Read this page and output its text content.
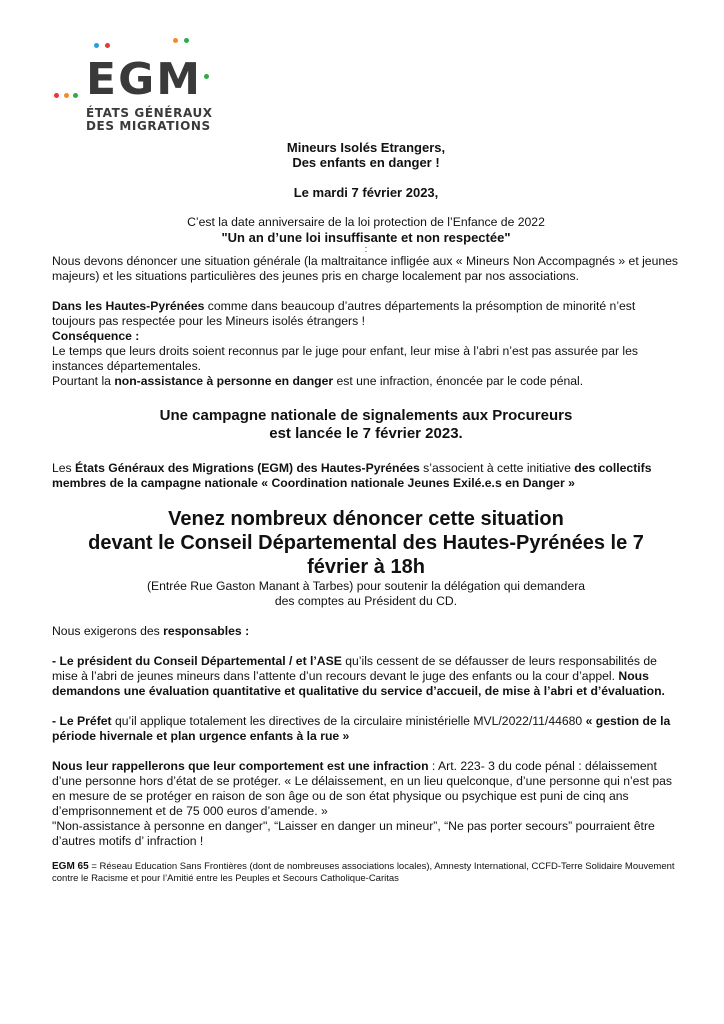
E G M
ÉTATS GÉNÉRAUX
DES MIGRATIONS
Mineurs Isolés Etrangers,
Des enfants en danger !
Le mardi 7 février 2023,
C’est la date anniversaire de la loi protection de l’Enfance de 2022
"Un an d’une loi insuffisante et non respectée"
:

Nous devons dénoncer une situation générale (la maltraitance infligée aux « Mineurs Non Accompagnés » et jeunes majeurs) et les situations particulières des jeunes pris en charge localement par nos associations.

Dans les Hautes-Pyrénées comme dans beaucoup d’autres départements la présomption de minorité n’est toujours pas respectée pour les Mineurs isolés étrangers !

Conséquence :

Le temps que leurs droits soient reconnus par le juge pour enfant, leur mise à l’abri n’est pas assurée par les instances départementales.

Pourtant la non-assistance à personne en danger est une infraction, énoncée par le code pénal.

Une campagne nationale de signalements aux Procureurs
est lancée le 7 février 2023.

Les États Généraux des Migrations (EGM) des Hautes-Pyrénées s’associent à cette initiative des collectifs membres de la campagne nationale « Coordination nationale Jeunes Exilé.e.s en Danger »

Venez nombreux dénoncer cette situation
devant le Conseil Départemental des Hautes-Pyrénées le 7
février à 18h
(Entrée Rue Gaston Manant à Tarbes) pour soutenir la délégation qui demandera
des comptes au Président du CD.

Nous exigerons des responsables :

- Le président du Conseil Départemental / et l’ASE qu’ils cessent de se défausser de leurs responsabilités de mise à l’abri de jeunes mineurs dans l’attente d’un recours devant le juge des enfants ou la cour d’appel. Nous demandons une évaluation quantitative et qualitative du service d’accueil, de mise à l’abri et d’évaluation.

- Le Préfet qu’il applique totalement les directives de la circulaire ministérielle MVL/2022/11/44680 « gestion de la période hivernale et plan urgence enfants à la rue »

Nous leur rappellerons que leur comportement est une infraction : Art. 223- 3 du code pénal : délaissement d’une personne hors d’état de se protéger. « Le délaissement, en un lieu quelconque, d’une personne qui n’est pas en mesure de se protéger en raison de son âge ou de son état physique ou psychique est puni de cinq ans d’emprisonnement et de 75 000 euros d’amende. »

"Non-assistance à personne en danger", “Laisser en danger un mineur”, “Ne pas porter secours” pourraient être d’autres motifs d’ infraction !

EGM 65 = Réseau Education Sans Frontières (dont de nombreuses associations locales), Amnesty International, CCFD-Terre Solidaire Mouvement contre le Racisme et pour l’Amitié entre les Peuples et Secours Catholique-Caritas
